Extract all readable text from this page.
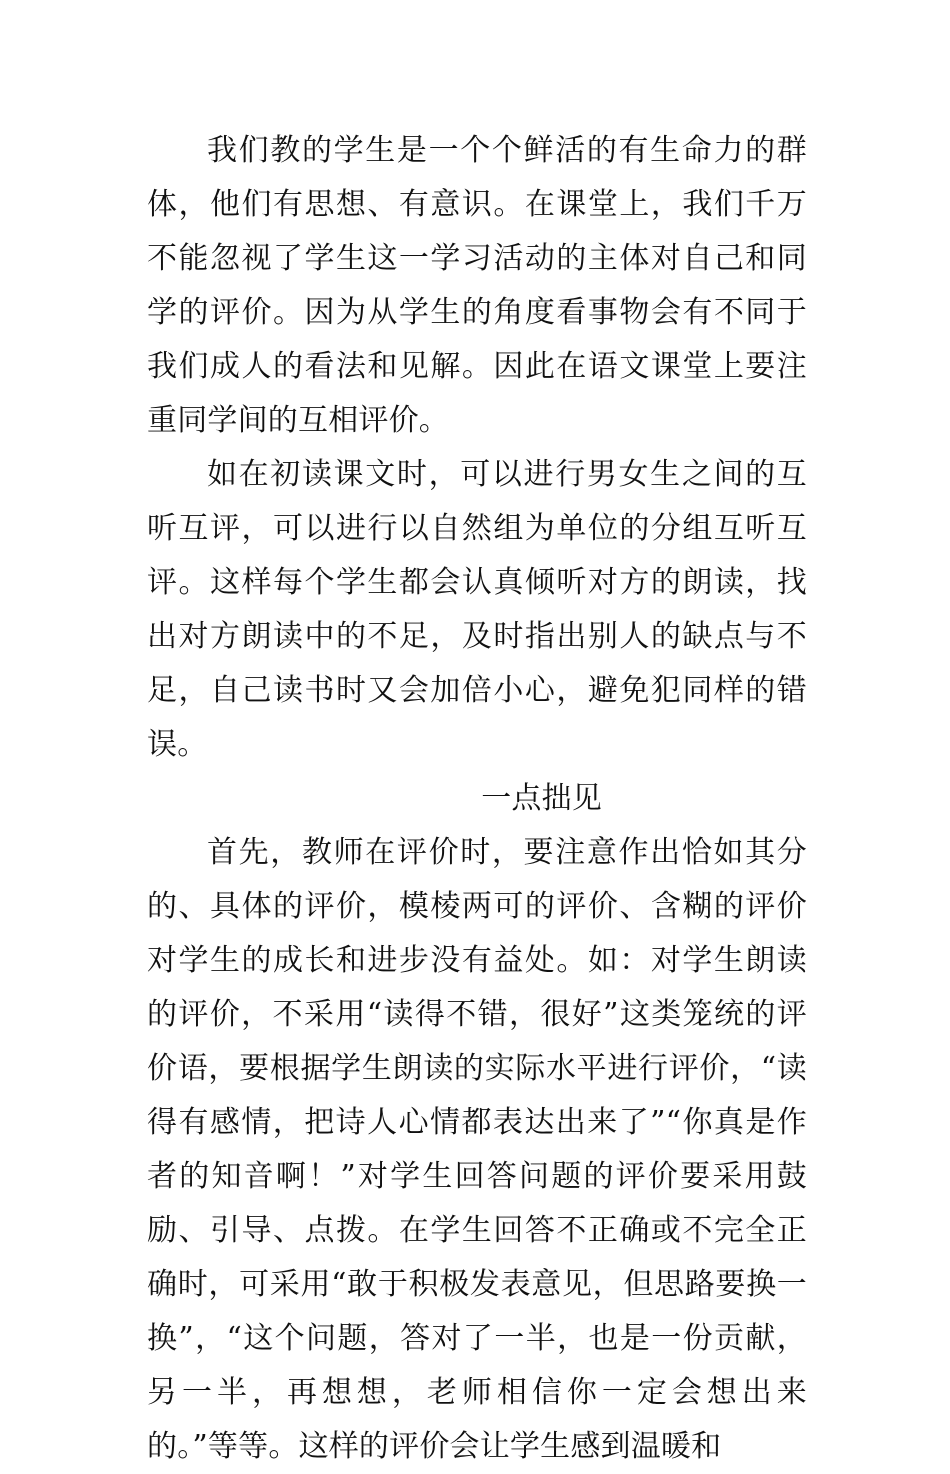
我们教的学生是一个个鲜活的有生命力的群体，他们有思想、有意识。在课堂上，我们千万不能忽视了学生这一学习活动的主体对自己和同学的评价。因为从学生的角度看事物会有不同于我们成人的看法和见解。因此在语文课堂上要注重同学间的互相评价。

如在初读课文时，可以进行男女生之间的互听互评，可以进行以自然组为单位的分组互听互评。这样每个学生都会认真倾听对方的朗读，找出对方朗读中的不足，及时指出别人的缺点与不足，自己读书时又会加倍小心，避免犯同样的错误。

一点拙见

首先，教师在评价时，要注意作出恰如其分的、具体的评价，模棱两可的评价、含糊的评价对学生的成长和进步没有益处。如：对学生朗读的评价，不采用“读得不错，很好”这类笼统的评价语，要根据学生朗读的实际水平进行评价，“读得有感情，把诗人心情都表达出来了”“你真是作者的知音啊！”对学生回答问题的评价要采用鼓励、引导、点拨。在学生回答不正确或不完全正确时，可采用“敢于积极发表意见，但思路要换一换”，“这个问题，答对了一半，也是一份贡献，另一半，再想想，老师相信你一定会想出来的。”等等。这样的评价会让学生感到温暖和
